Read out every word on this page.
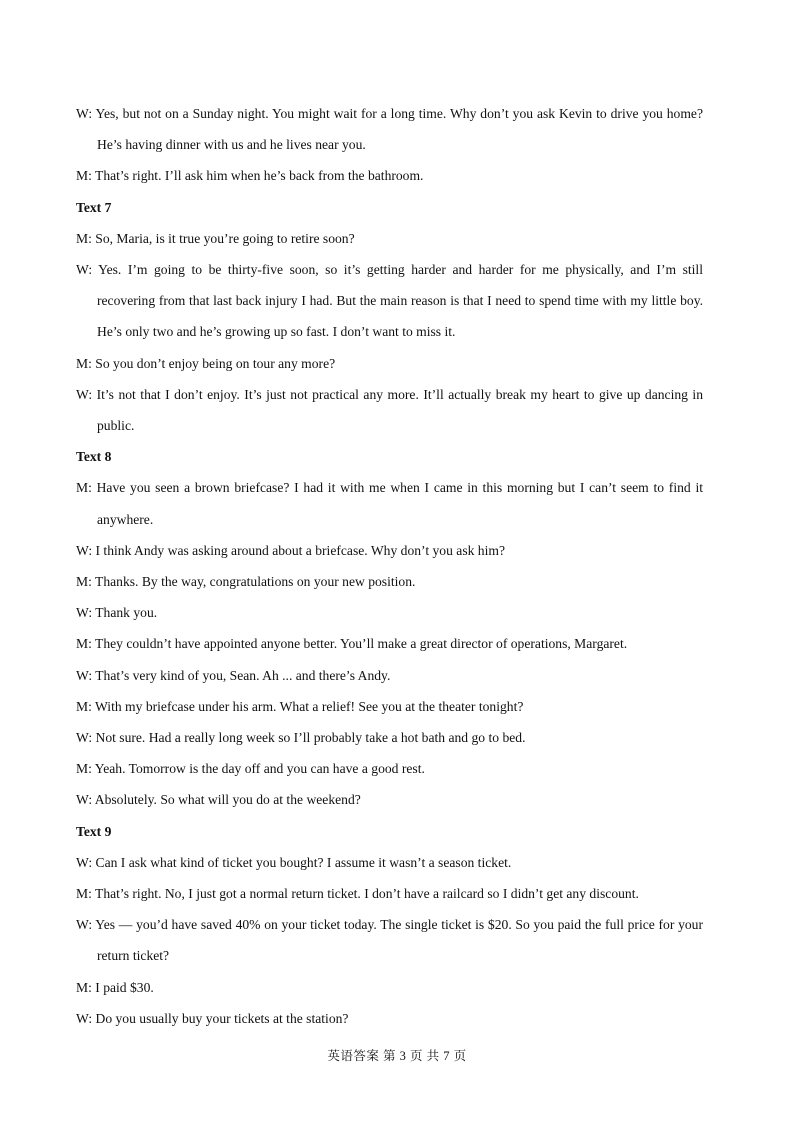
W: Yes, but not on a Sunday night. You might wait for a long time. Why don’t you ask Kevin to drive you home? He’s having dinner with us and he lives near you.

M: That’s right. I’ll ask him when he’s back from the bathroom.

Text 7

M: So, Maria, is it true you’re going to retire soon?

W: Yes. I’m going to be thirty-five soon, so it’s getting harder and harder for me physically, and I’m still recovering from that last back injury I had. But the main reason is that I need to spend time with my little boy. He’s only two and he’s growing up so fast. I don’t want to miss it.

M: So you don’t enjoy being on tour any more?

W: It’s not that I don’t enjoy. It’s just not practical any more. It’ll actually break my heart to give up dancing in public.

Text 8

M: Have you seen a brown briefcase? I had it with me when I came in this morning but I can’t seem to find it anywhere.

W: I think Andy was asking around about a briefcase. Why don’t you ask him?

M: Thanks. By the way, congratulations on your new position.

W: Thank you.

M: They couldn’t have appointed anyone better. You’ll make a great director of operations, Margaret.

W: That’s very kind of you, Sean. Ah ... and there’s Andy.

M: With my briefcase under his arm. What a relief! See you at the theater tonight?

W: Not sure. Had a really long week so I’ll probably take a hot bath and go to bed.

M: Yeah. Tomorrow is the day off and you can have a good rest.

W: Absolutely. So what will you do at the weekend?

Text 9

W: Can I ask what kind of ticket you bought? I assume it wasn’t a season ticket.

M: That’s right. No, I just got a normal return ticket. I don’t have a railcard so I didn’t get any discount.

W: Yes — you’d have saved 40% on your ticket today. The single ticket is $20. So you paid the full price for your return ticket?

M: I paid $30.

W: Do you usually buy your tickets at the station?

英语答案 第 3 页 共 7 页
